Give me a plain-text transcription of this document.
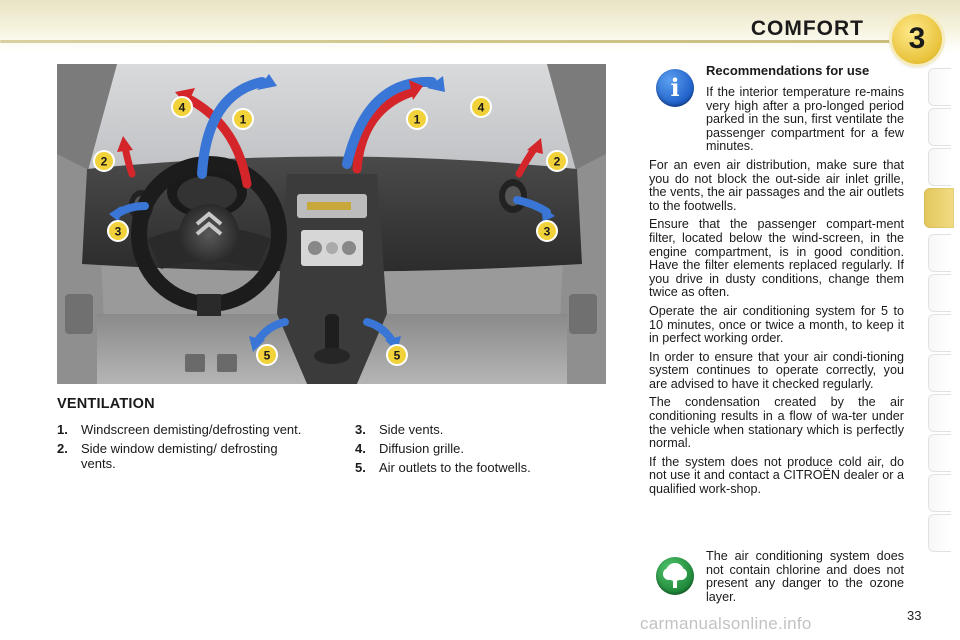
COMFORT	3
4
1	1
4
2	2
3	3
5	5
VENTILATION
1.	Windscreen demisting/defrosting vent.
2.	Side window demisting/ defrosting vents.
3.	Side vents.
4.	Diffusion grille.
5.	Air outlets to the footwells.
i
Recommendations for use

If the interior temperature re-mains very high after a pro-longed period parked in the sun, first ventilate the passenger compartment for a few minutes.

For an even air distribution, make sure that you do not block the out-side air inlet grille, the vents, the air passages and the air outlets to the footwells.

Ensure that the passenger compart-ment filter, located below the wind-screen, in the engine compartment, is in good condition. Have the filter elements replaced regularly. If you drive in dusty conditions, change them twice as often.

Operate the air conditioning system for 5 to 10 minutes, once or twice a month, to keep it in perfect working order.

In order to ensure that your air condi-tioning system continues to operate correctly, you are advised to have it checked regularly.

The condensation created by the air conditioning results in a flow of wa-ter under the vehicle when stationary which is perfectly normal.

If the system does not produce cold air, do not use it and contact a CITROËN dealer or a qualified work-shop.

The air conditioning system does not contain chlorine and does not present any danger to the ozone layer.

33

carmanualsonline.info
